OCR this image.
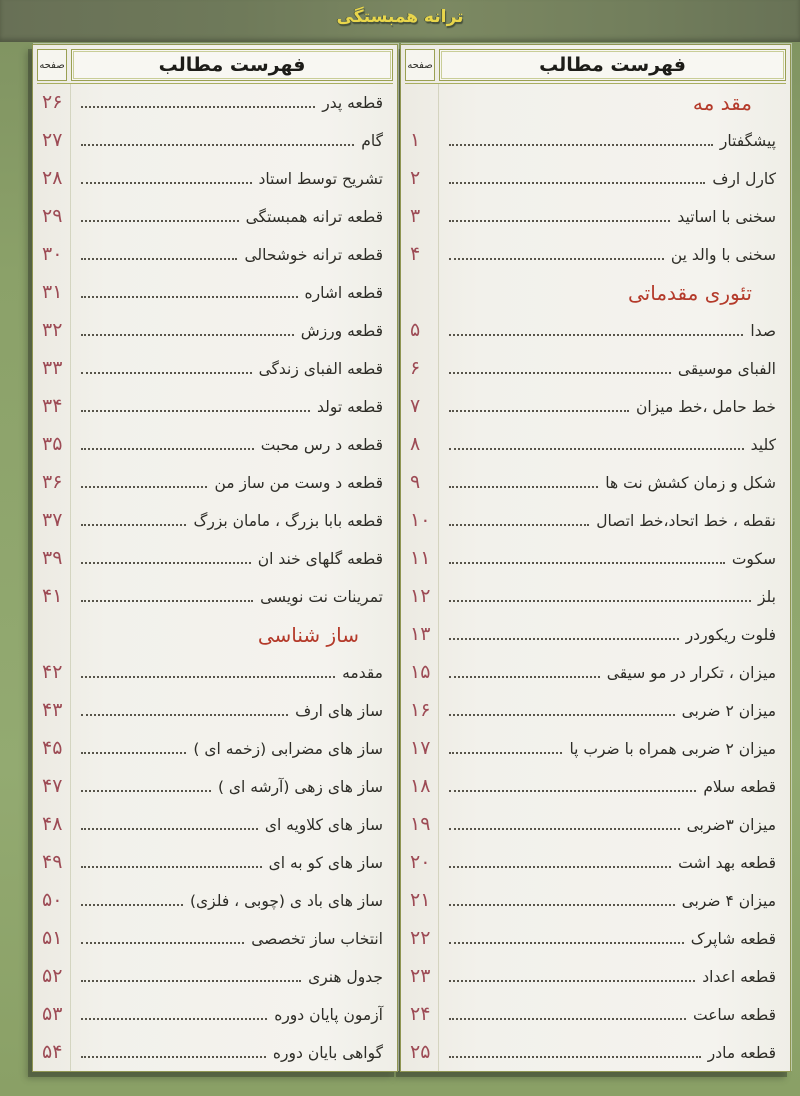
ترانه همبستگی
فهرست مطالب
صفحه
مقد مه
۱	پیشگفتار
۲	کارل ارف
۳	سخنی با اساتید
۴	سخنی با والد ین
تئوری مقدماتی
۵	صدا
۶	الفبای موسیقی
۷	خط حامل ،خط میزان
۸	کلید
۹	شکل و زمان کشش نت ها
۱۰	نقطه ، خط اتحاد،خط اتصال
۱۱	سکوت
۱۲	بلز
۱۳	فلوت ریکوردر
۱۵	میزان ، تکرار در مو سیقی
۱۶	میزان ۲ ضربی
۱۷	میزان ۲ ضربی همراه با ضرب پا
۱۸	قطعه سلام
۱۹	میزان ۳ضربی
۲۰	قطعه بهد اشت
۲۱	میزان ۴ ضربی
۲۲	قطعه شاپرک
۲۳	قطعه اعداد
۲۴	قطعه ساعت
۲۵	قطعه مادر
فهرست مطالب
صفحه
۲۶	قطعه پدر
۲۷	گام
۲۸	تشریح توسط استاد
۲۹	قطعه ترانه همبستگی
۳۰	قطعه ترانه خوشحالی
۳۱	قطعه اشاره
۳۲	قطعه ورزش
۳۳	قطعه الفبای زندگی
۳۴	قطعه تولد
۳۵	قطعه د رس محبت
۳۶	قطعه د وست من ساز من
۳۷	قطعه بابا بزرگ ، مامان بزرگ
۳۹	قطعه گلهای خند ان
۴۱	تمرینات نت نویسی
ساز شناسی
۴۲	مقدمه
۴۳	ساز های ارف
۴۵	ساز های مضرابی (زخمه ای )
۴۷	ساز های زهی (آرشه ای )
۴۸	ساز های کلاویه ای
۴۹	ساز های کو به ای
۵۰	ساز های باد ی (چوبی ، فلزی)
۵۱	انتخاب ساز تخصصی
۵۲	جدول هنری
۵۳	آزمون پایان دوره
۵۴	گواهی بایان دوره
